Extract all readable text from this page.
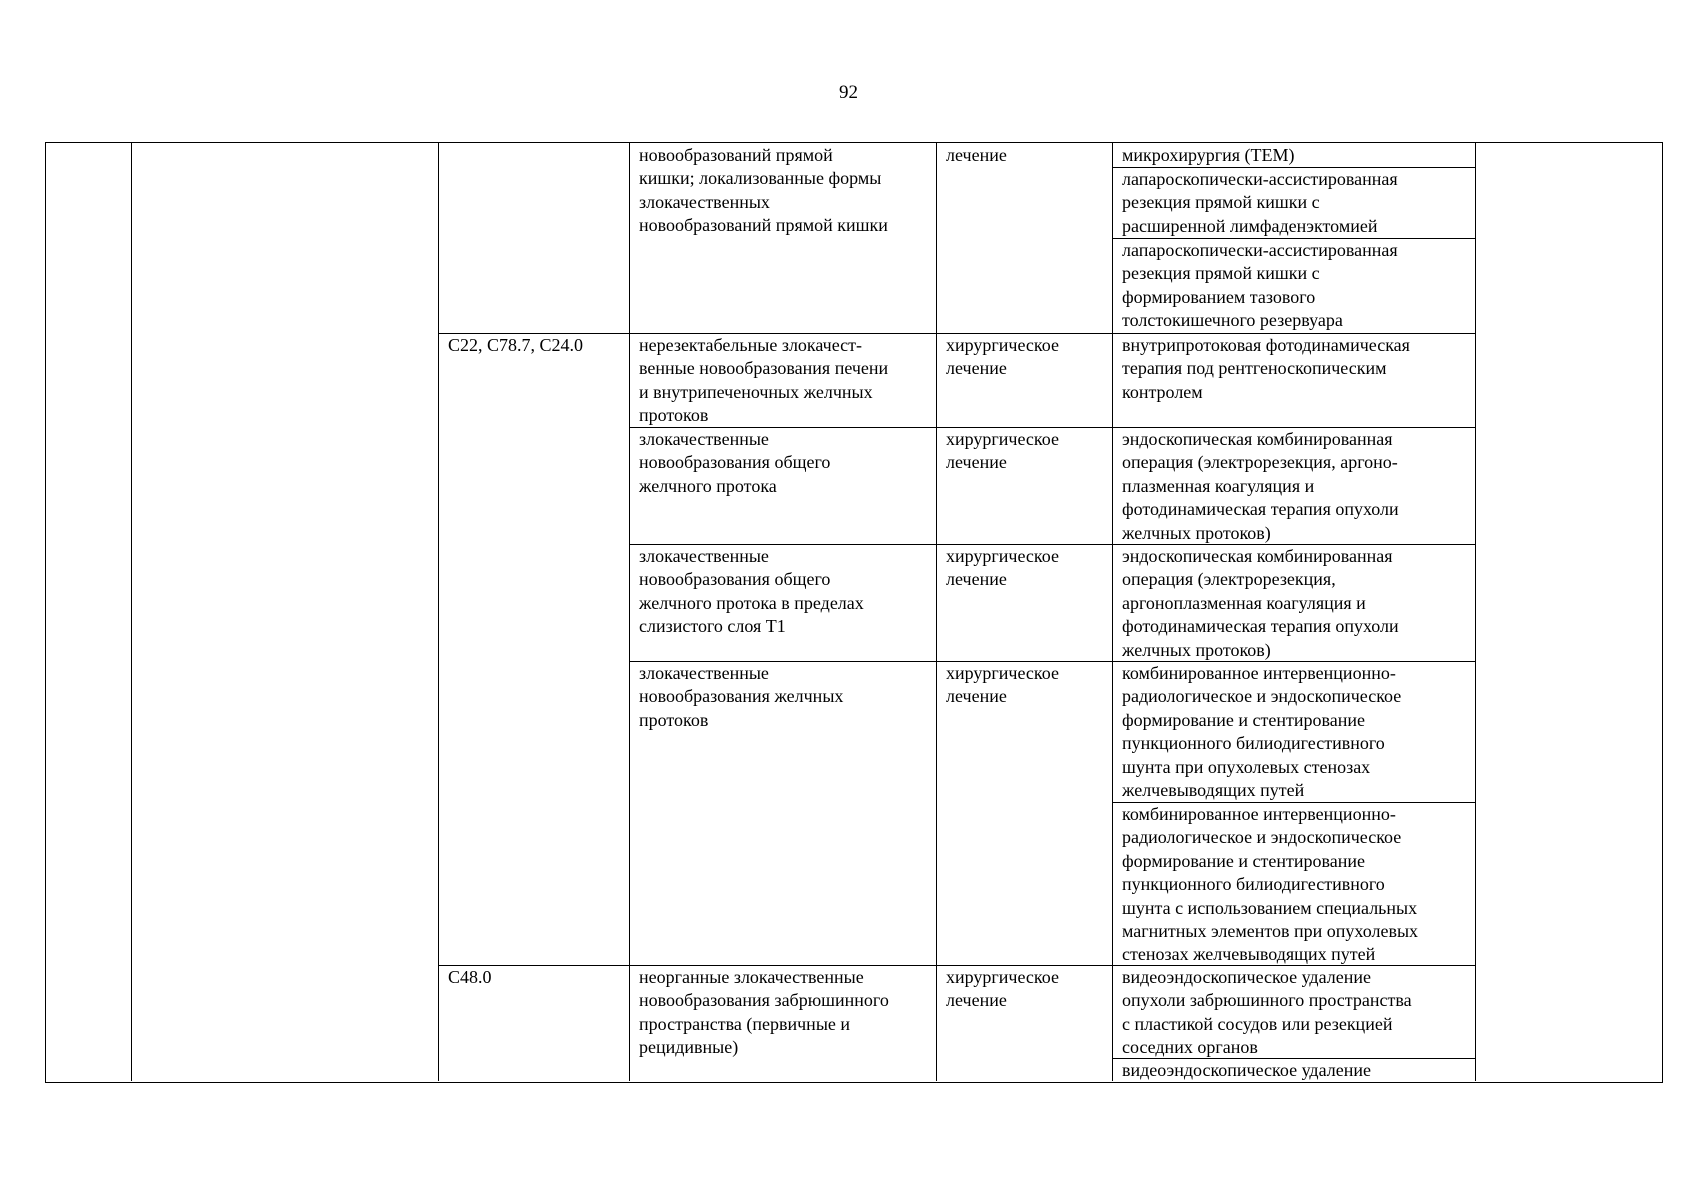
92
C22, C78.7, C24.0
C48.0
новообразований прямой
кишки; локализованные формы
злокачественных
новообразований прямой кишки
лечение	микрохирургия (TEM)
лапароскопически-ассистированная
резекция прямой кишки с
расширенной лимфаденэктомией
лапароскопически-ассистированная
резекция прямой кишки с
формированием тазового
толстокишечного резервуара
нерезектабельные злокачест-
венные новообразования печени
и внутрипеченочных желчных
протоков
хирургическое
лечение
внутрипротоковая фотодинамическая
терапия под рентгеноскопическим
контролем
злокачественные
новообразования общего
желчного протока
хирургическое
лечение
эндоскопическая комбинированная
операция (электрорезекция, аргоно-
плазменная коагуляция и
фотодинамическая терапия опухоли
желчных протоков)
злокачественные
новообразования общего
желчного протока в пределах
слизистого слоя T1
хирургическое
лечение
эндоскопическая комбинированная
операция (электрорезекция,
аргоноплазменная коагуляция и
фотодинамическая терапия опухоли
желчных протоков)
злокачественные
новообразования желчных
протоков
хирургическое
лечение
комбинированное интервенционно-
радиологическое и эндоскопическое
формирование и стентирование
пункционного билиодигестивного
шунта при опухолевых стенозах
желчевыводящих путей
комбинированное интервенционно-
радиологическое и эндоскопическое
формирование и стентирование
пункционного билиодигестивного
шунта с использованием специальных
магнитных элементов при опухолевых
стенозах желчевыводящих путей
неорганные злокачественные
новообразования забрюшинного
пространства (первичные и
рецидивные)
хирургическое
лечение
видеоэндоскопическое удаление
опухоли забрюшинного пространства
с пластикой сосудов или резекцией
соседних органов
видеоэндоскопическое удаление
